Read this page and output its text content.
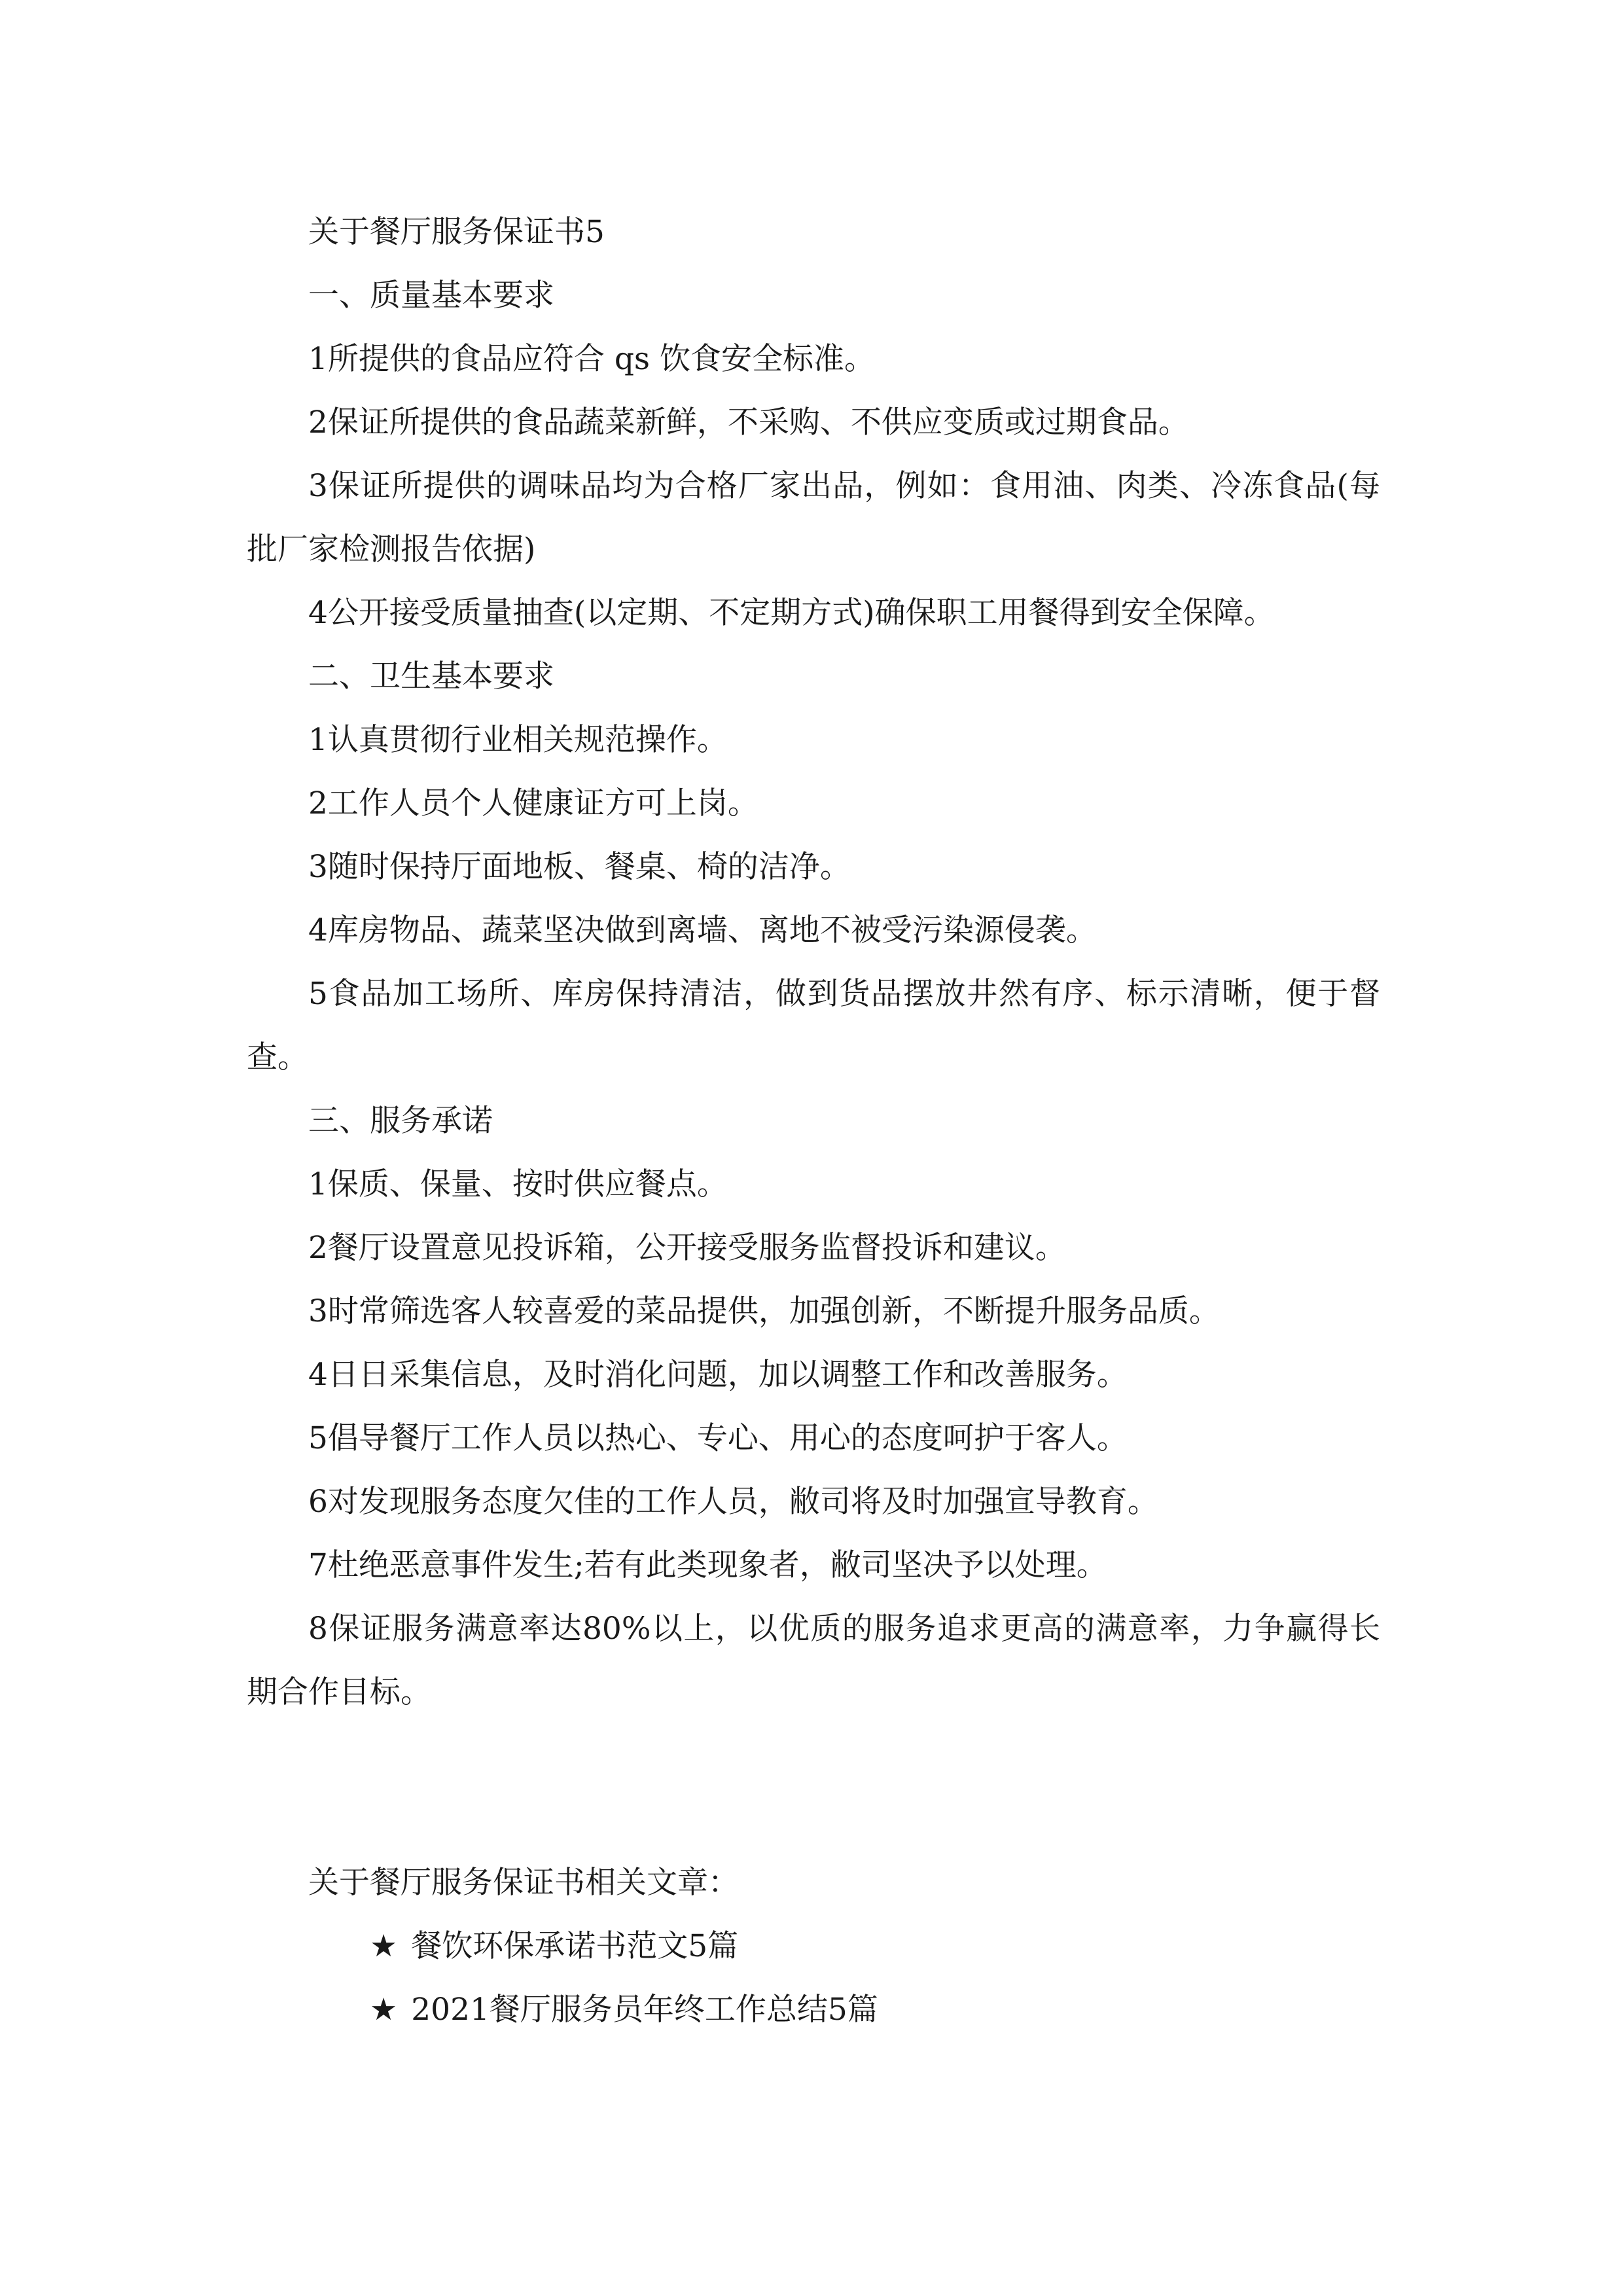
关于餐厅服务保证书5

一、质量基本要求

1所提供的食品应符合 qs 饮食安全标准。

2保证所提供的食品蔬菜新鲜，不采购、不供应变质或过期食品。

3保证所提供的调味品均为合格厂家出品，例如：食用油、肉类、冷冻食品(每批厂家检测报告依据)

4公开接受质量抽查(以定期、不定期方式)确保职工用餐得到安全保障。

二、卫生基本要求

1认真贯彻行业相关规范操作。

2工作人员个人健康证方可上岗。

3随时保持厅面地板、餐桌、椅的洁净。

4库房物品、蔬菜坚决做到离墙、离地不被受污染源侵袭。

5食品加工场所、库房保持清洁，做到货品摆放井然有序、标示清晰，便于督查。

三、服务承诺

1保质、保量、按时供应餐点。

2餐厅设置意见投诉箱，公开接受服务监督投诉和建议。

3时常筛选客人较喜爱的菜品提供，加强创新，不断提升服务品质。

4日日采集信息，及时消化问题，加以调整工作和改善服务。

5倡导餐厅工作人员以热心、专心、用心的态度呵护于客人。

6对发现服务态度欠佳的工作人员，敝司将及时加强宣导教育。

7杜绝恶意事件发生;若有此类现象者，敝司坚决予以处理。

8保证服务满意率达80%以上，以优质的服务追求更高的满意率，力争赢得长期合作目标。

关于餐厅服务保证书相关文章：

★ 餐饮环保承诺书范文5篇

★ 2021餐厅服务员年终工作总结5篇
